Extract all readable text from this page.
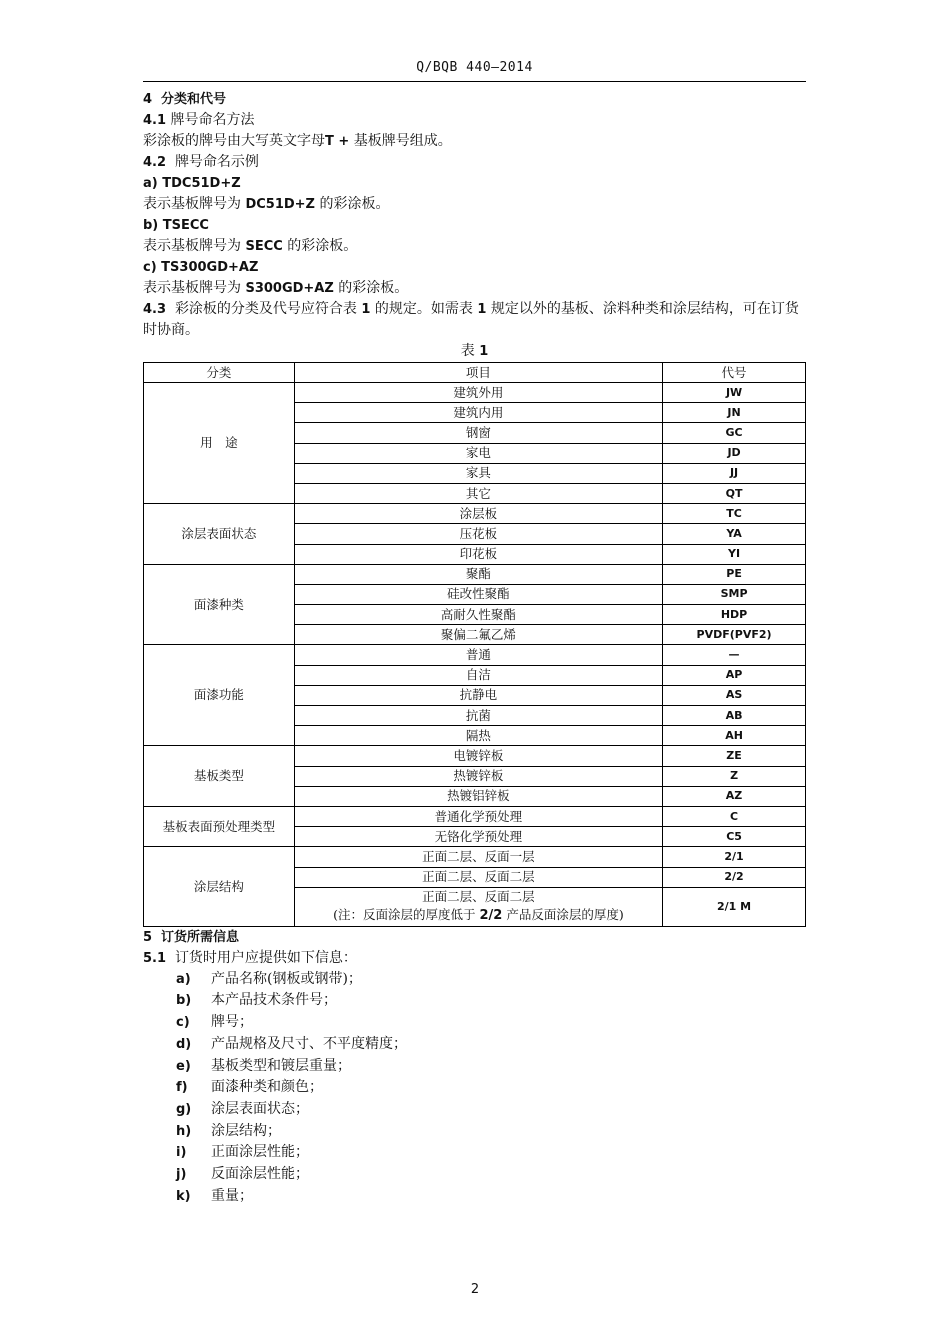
Q/BQB 440—2014

4 分类和代号

4.1 牌号命名方法

彩涂板的牌号由大写英文字母T + 基板牌号组成。

4.2 牌号命名示例

a) TDC51D+Z

表示基板牌号为 DC51D+Z 的彩涂板。

b) TSECC

表示基板牌号为 SECC 的彩涂板。

c) TS300GD+AZ

表示基板牌号为 S300GD+AZ 的彩涂板。

4.3 彩涂板的分类及代号应符合表 1 的规定。如需表 1 规定以外的基板、涂料种类和涂层结构，可在订货时协商。

表 1

分类	项目	代号
用　途	建筑外用	JW

	建筑内用	JN

	钢窗	GC

	家电	JD

	家具	JJ

	其它	QT
涂层表面状态	涂层板	TC

	压花板	YA

	印花板	YI
面漆种类	聚酯	PE

	硅改性聚酯	SMP

	高耐久性聚酯	HDP

	聚偏二氟乙烯	PVDF(PVF2)
面漆功能	普通	—

	自洁	AP

	抗静电	AS

	抗菌	AB

	隔热	AH
基板类型	电镀锌板	ZE

	热镀锌板	Z

	热镀铝锌板	AZ
基板表面预处理类型	普通化学预处理	C

	无铬化学预处理	C5
涂层结构	正面二层、反面一层	2/1

	正面二层、反面二层	2/2

	正面二层、反面二层
(注：反面涂层的厚度低于 2/2 产品反面涂层的厚度)	2/1 M

5 订货所需信息

5.1 订货时用户应提供如下信息：

a) 产品名称(钢板或钢带)；
b) 本产品技术条件号；
c) 牌号；
d) 产品规格及尺寸、不平度精度；
e) 基板类型和镀层重量；
f) 面漆种类和颜色；
g) 涂层表面状态；
h) 涂层结构；
i) 正面涂层性能；
j) 反面涂层性能；
k) 重量；
2
